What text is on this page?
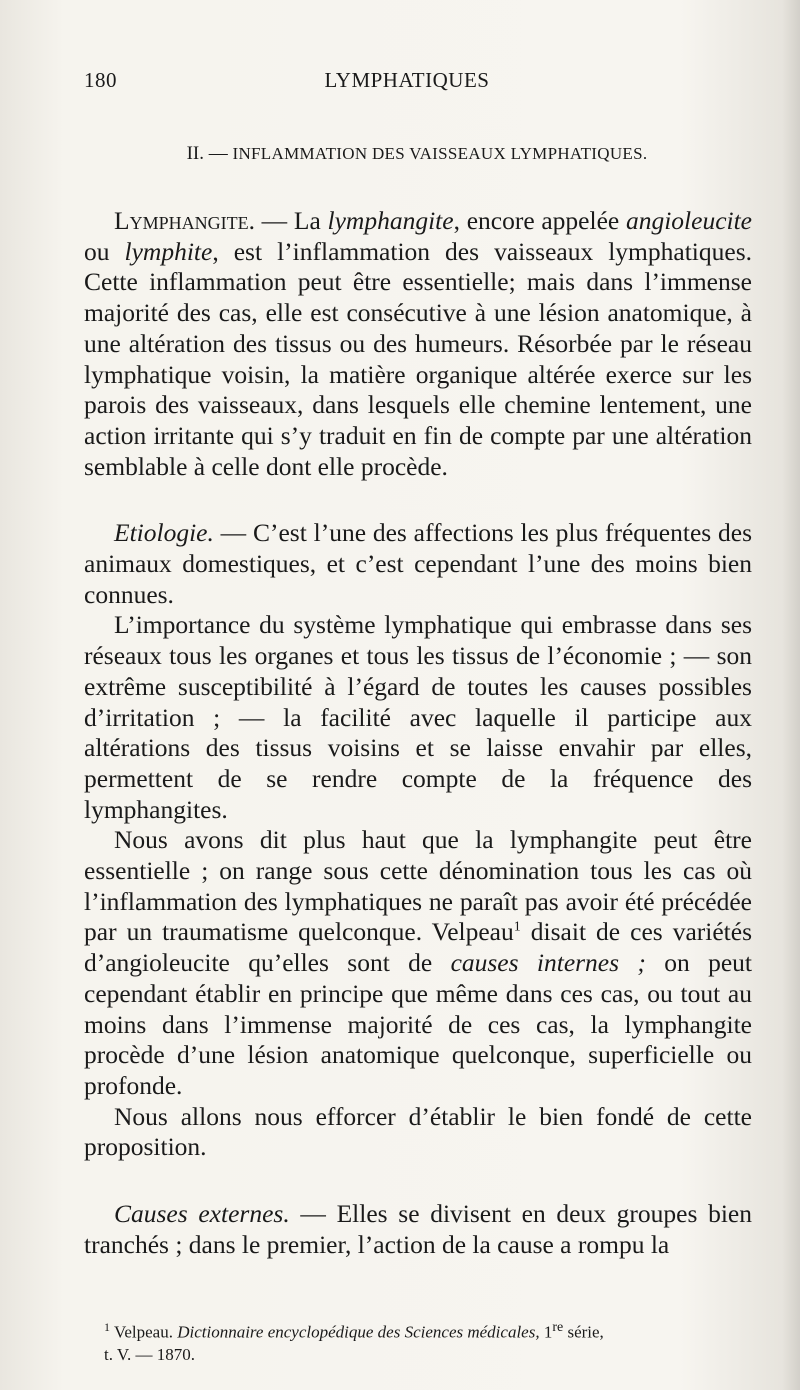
180	LYMPHATIQUES
II. — INFLAMMATION DES VAISSEAUX LYMPHATIQUES.

Lymphangite. — La lymphangite, encore appelée angioleucite ou lymphite, est l’inflammation des vaisseaux lymphatiques. Cette inflammation peut être essentielle; mais dans l’immense majorité des cas, elle est consécutive à une lésion anatomique, à une altération des tissus ou des humeurs. Résorbée par le réseau lymphatique voisin, la matière organique altérée exerce sur les parois des vaisseaux, dans lesquels elle chemine lentement, une action irritante qui s’y traduit en fin de compte par une altération semblable à celle dont elle procède.

Etiologie. — C’est l’une des affections les plus fréquentes des animaux domestiques, et c’est cependant l’une des moins bien connues.

L’importance du système lymphatique qui embrasse dans ses réseaux tous les organes et tous les tissus de l’économie ; — son extrême susceptibilité à l’égard de toutes les causes possibles d’irritation ; — la facilité avec laquelle il participe aux altérations des tissus voisins et se laisse envahir par elles, permettent de se rendre compte de la fréquence des lymphangites.

Nous avons dit plus haut que la lymphangite peut être essentielle ; on range sous cette dénomination tous les cas où l’inflammation des lymphatiques ne paraît pas avoir été précédée par un traumatisme quelconque. Velpeau$^1$ disait de ces variétés d’angioleucite qu’elles sont de causes internes ; on peut cependant établir en principe que même dans ces cas, ou tout au moins dans l’immense majorité de ces cas, la lymphangite procède d’une lésion anatomique quelconque, superficielle ou profonde.

Nous allons nous efforcer d’établir le bien fondé de cette proposition.

Causes externes. — Elles se divisent en deux groupes bien tranchés ; dans le premier, l’action de la cause a rompu la

$^1$ Velpeau. Dictionnaire encyclopédique des Sciences médicales, 1re série,

t. V. — 1870.
